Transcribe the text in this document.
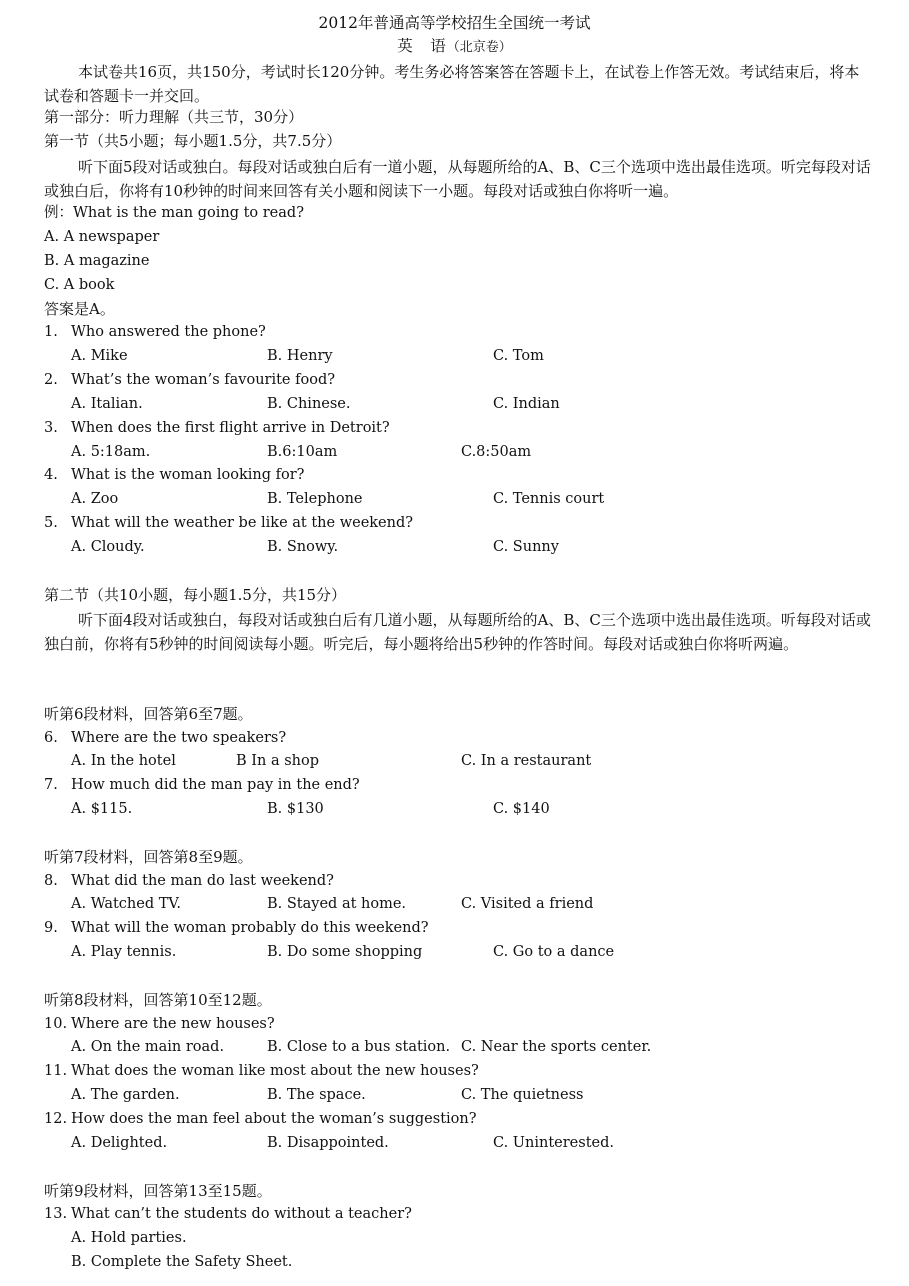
2012年普通高等学校招生全国统一考试
英　语（北京卷）
本试卷共16页，共150分，考试时长120分钟。考生务必将答案答在答题卡上，在试卷上作答无效。考试结束后，将本试卷和答题卡一并交回。
第一部分：听力理解（共三节，30分）
第一节（共5小题；每小题1.5分，共7.5分）
听下面5段对话或独白。每段对话或独白后有一道小题，从每题所给的A、B、C三个选项中选出最佳选项。听完每段对话或独白后，你将有10秒钟的时间来回答有关小题和阅读下一小题。每段对话或独白你将听一遍。
例：What is the man going to read?
A. A newspaper
B. A magazine
C. A book
答案是A。
1. Who answered the phone?
A. Mike	B. Henry	C. Tom
2. What’s the woman’s favourite food?
A. Italian.	B. Chinese.	C. Indian
3. When does the first flight arrive in Detroit?
A. 5:18am.	B.6:10am	C.8:50am
4. What is the woman looking for?
A. Zoo	B. Telephone	C. Tennis court
5. What will the weather be like at the weekend?
A. Cloudy.	B. Snowy.	C. Sunny
第二节（共10小题，每小题1.5分，共15分）
听下面4段对话或独白，每段对话或独白后有几道小题，从每题所给的A、B、C三个选项中选出最佳选项。听每段对话或独白前，你将有5秒钟的时间阅读每小题。听完后，每小题将给出5秒钟的作答时间。每段对话或独白你将听两遍。
听第6段材料，回答第6至7题。
6. Where are the two speakers?
A. In the hotel	B In a shop	C. In a restaurant
7. How much did the man pay in the end?
A. $115.	B. $130	C. $140
听第7段材料，回答第8至9题。
8. What did the man do last weekend?
A. Watched TV.	B. Stayed at home.	C. Visited a friend
9. What will the woman probably do this weekend?
A. Play tennis.	B. Do some shopping	C. Go to a dance
听第8段材料，回答第10至12题。
10. Where are the new houses?
A. On the main road.	B. Close to a bus station. C. Near the sports center.
11. What does the woman like most about the new houses?
A. The garden.	B. The space.	C. The quietness
12. How does the man feel about the woman’s suggestion?
A. Delighted.	B. Disappointed.	C. Uninterested.
听第9段材料，回答第13至15题。
13. What can’t the students do without a teacher?
A. Hold parties.
B. Complete the Safety Sheet.
